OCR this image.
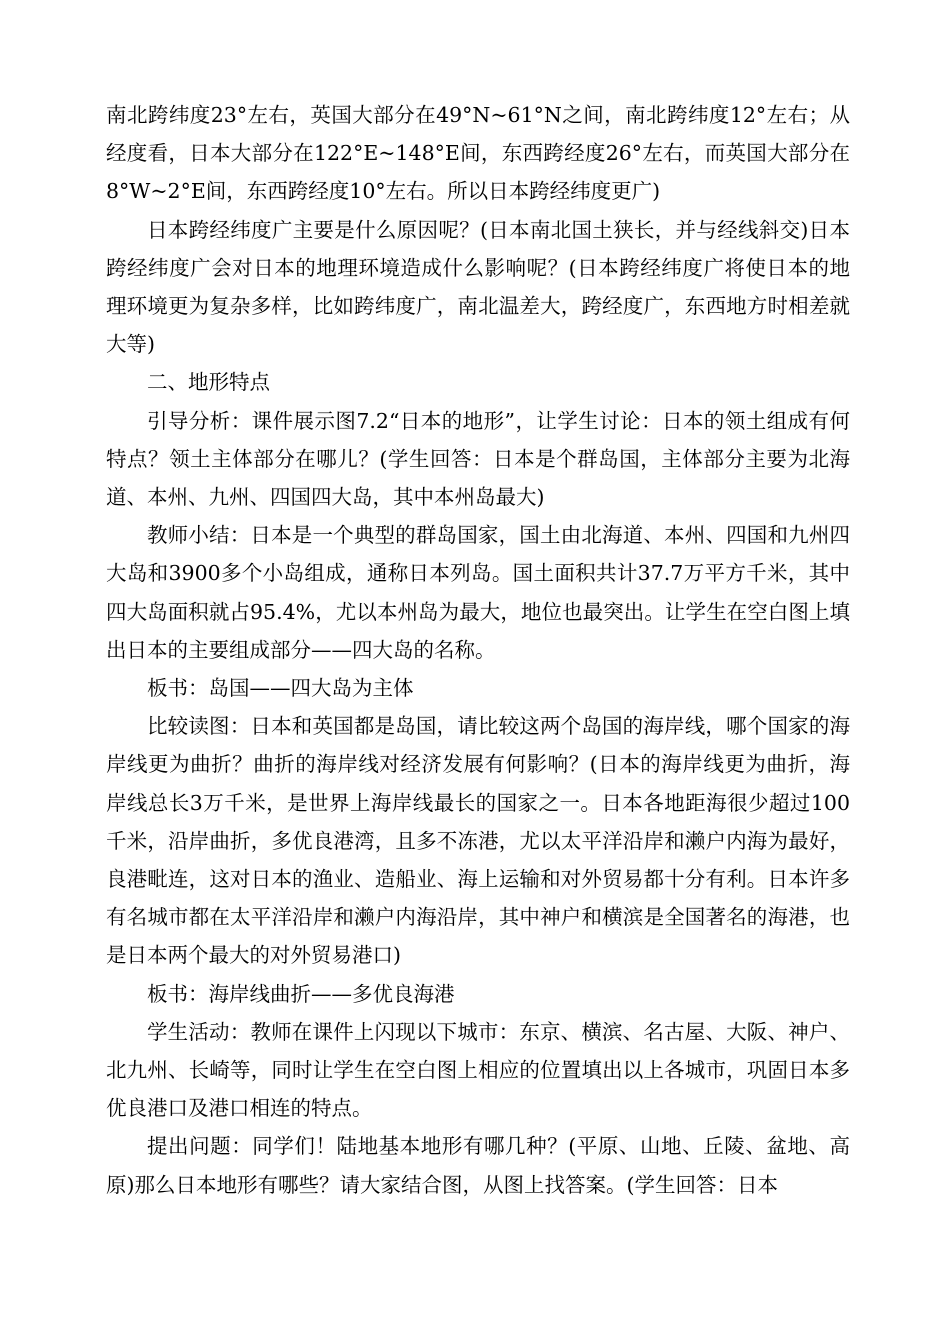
南北跨纬度23°左右，英国大部分在49°N~61°N之间，南北跨纬度12°左右；从经度看，日本大部分在122°E~148°E间，东西跨经度26°左右，而英国大部分在8°W~2°E间，东西跨经度10°左右。所以日本跨经纬度更广)

日本跨经纬度广主要是什么原因呢？(日本南北国土狭长，并与经线斜交)日本跨经纬度广会对日本的地理环境造成什么影响呢？(日本跨经纬度广将使日本的地理环境更为复杂多样，比如跨纬度广，南北温差大，跨经度广，东西地方时相差就大等)

二、地形特点

引导分析：课件展示图7.2“日本的地形”，让学生讨论：日本的领土组成有何特点？领土主体部分在哪儿？(学生回答：日本是个群岛国，主体部分主要为北海道、本州、九州、四国四大岛，其中本州岛最大)

教师小结：日本是一个典型的群岛国家，国土由北海道、本州、四国和九州四大岛和3900多个小岛组成，通称日本列岛。国土面积共计37.7万平方千米，其中四大岛面积就占95.4%，尤以本州岛为最大，地位也最突出。让学生在空白图上填出日本的主要组成部分——四大岛的名称。

板书：岛国——四大岛为主体

比较读图：日本和英国都是岛国，请比较这两个岛国的海岸线，哪个国家的海岸线更为曲折？曲折的海岸线对经济发展有何影响？(日本的海岸线更为曲折，海岸线总长3万千米，是世界上海岸线最长的国家之一。日本各地距海很少超过100千米，沿岸曲折，多优良港湾，且多不冻港，尤以太平洋沿岸和濑户内海为最好，良港毗连，这对日本的渔业、造船业、海上运输和对外贸易都十分有利。日本许多有名城市都在太平洋沿岸和濑户内海沿岸，其中神户和横滨是全国著名的海港，也是日本两个最大的对外贸易港口)

板书：海岸线曲折——多优良海港

学生活动：教师在课件上闪现以下城市：东京、横滨、名古屋、大阪、神户、北九州、长崎等，同时让学生在空白图上相应的位置填出以上各城市，巩固日本多优良港口及港口相连的特点。

提出问题：同学们！陆地基本地形有哪几种？(平原、山地、丘陵、盆地、高原)那么日本地形有哪些？请大家结合图，从图上找答案。(学生回答：日本
